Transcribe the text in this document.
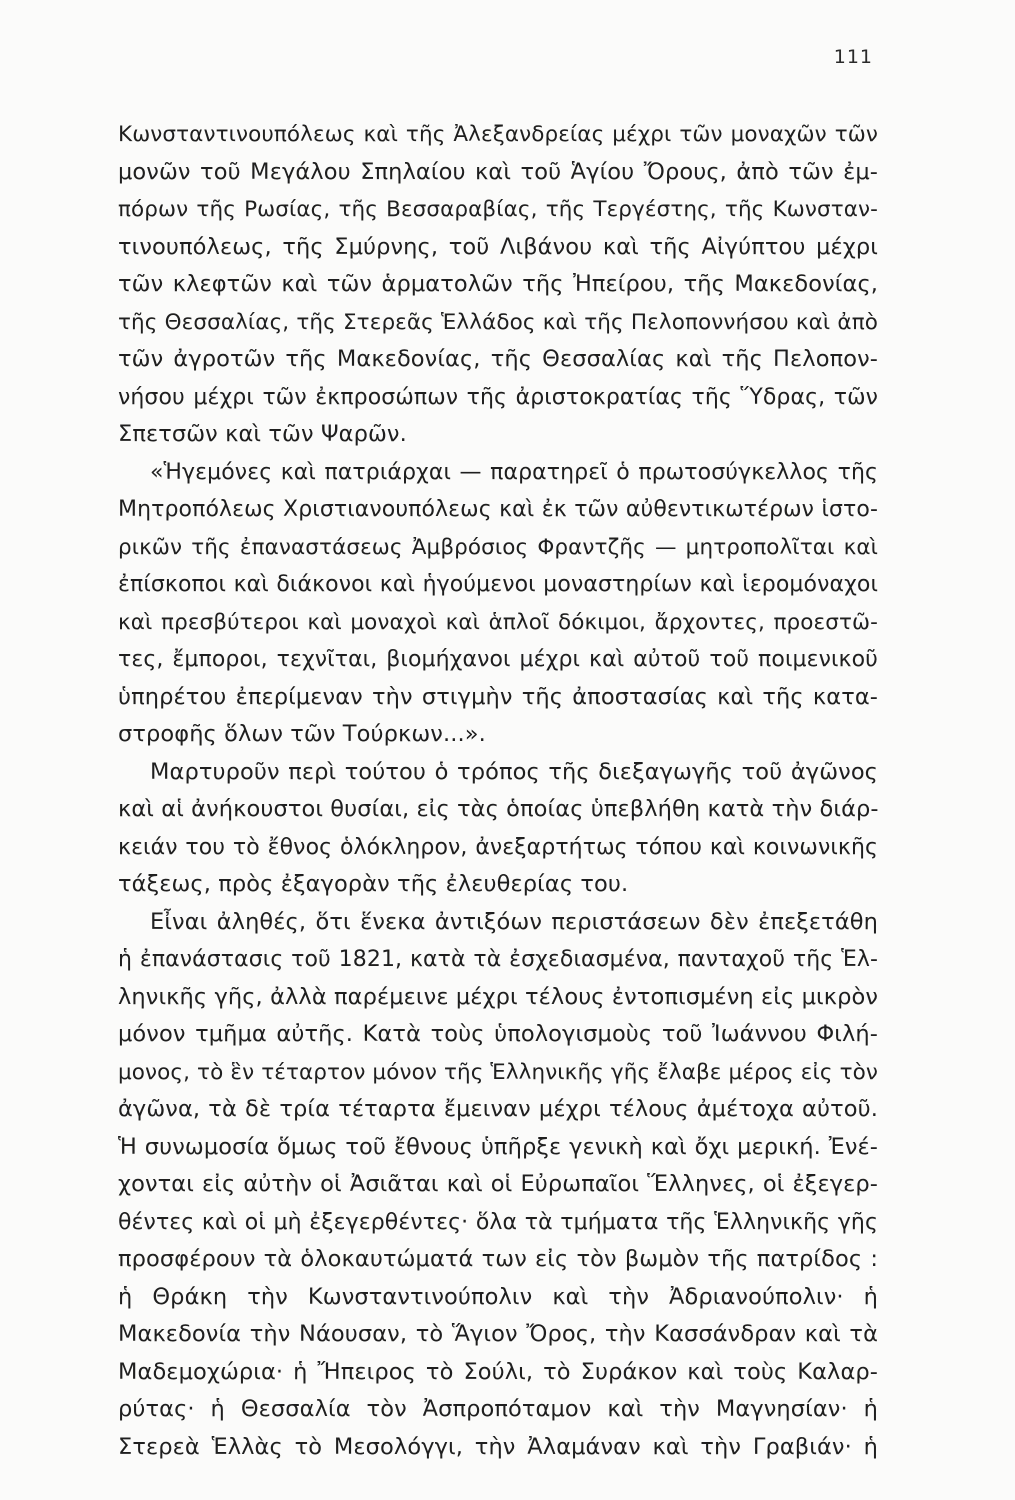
111
Κωνσταντινουπόλεως καὶ τῆς Ἀλεξανδρείας μέχρι τῶν μοναχῶν τῶν
μονῶν τοῦ Μεγάλου Σπηλαίου καὶ τοῦ Ἁγίου Ὄρους, ἀπὸ τῶν ἐμ-
πόρων τῆς Ρωσίας, τῆς Βεσσαραβίας, τῆς Τεργέστης, τῆς Κωνσταν-
τινουπόλεως, τῆς Σμύρνης, τοῦ Λιβάνου καὶ τῆς Αἰγύπτου μέχρι
τῶν κλεφτῶν καὶ τῶν ἁρματολῶν τῆς Ἠπείρου, τῆς Μακεδονίας,
τῆς Θεσσαλίας, τῆς Στερεᾶς Ἑλλάδος καὶ τῆς Πελοποννήσου καὶ ἀπὸ
τῶν ἀγροτῶν τῆς Μακεδονίας, τῆς Θεσσαλίας καὶ τῆς Πελοπον-
νήσου μέχρι τῶν ἐκπροσώπων τῆς ἀριστοκρατίας τῆς Ὕδρας, τῶν
Σπετσῶν καὶ τῶν Ψαρῶν.
«Ἡγεμόνες καὶ πατριάρχαι — παρατηρεῖ ὁ πρωτοσύγκελλος τῆς
Μητροπόλεως Χριστιανουπόλεως καὶ ἐκ τῶν αὐθεντικωτέρων ἱστο-
ρικῶν τῆς ἐπαναστάσεως Ἀμβρόσιος Φραντζῆς — μητροπολῖται καὶ
ἐπίσκοποι καὶ διάκονοι καὶ ἡγούμενοι μοναστηρίων καὶ ἱερομόναχοι
καὶ πρεσβύτεροι καὶ μοναχοὶ καὶ ἁπλοῖ δόκιμοι, ἄρχοντες, προεστῶ-
τες, ἔμποροι, τεχνῖται, βιομήχανοι μέχρι καὶ αὐτοῦ τοῦ ποιμενικοῦ
ὑπηρέτου ἐπερίμεναν τὴν στιγμὴν τῆς ἀποστασίας καὶ τῆς κατα-
στροφῆς ὅλων τῶν Τούρκων...».
Μαρτυροῦν περὶ τούτου ὁ τρόπος τῆς διεξαγωγῆς τοῦ ἀγῶνος
καὶ αἱ ἀνήκουστοι θυσίαι, εἰς τὰς ὁποίας ὑπεβλήθη κατὰ τὴν διάρ-
κειάν του τὸ ἔθνος ὁλόκληρον, ἀνεξαρτήτως τόπου καὶ κοινωνικῆς
τάξεως, πρὸς ἐξαγορὰν τῆς ἐλευθερίας του.
Εἶναι ἀληθές, ὅτι ἕνεκα ἀντιξόων περιστάσεων δὲν ἐπεξετάθη
ἡ ἐπανάστασις τοῦ 1821, κατὰ τὰ ἐσχεδιασμένα, πανταχοῦ τῆς Ἑλ-
ληνικῆς γῆς, ἀλλὰ παρέμεινε μέχρι τέλους ἐντοπισμένη εἰς μικρὸν
μόνον τμῆμα αὐτῆς. Κατὰ τοὺς ὑπολογισμοὺς τοῦ Ἰωάννου Φιλή-
μονος, τὸ ἓν τέταρτον μόνον τῆς Ἑλληνικῆς γῆς ἔλαβε μέρος εἰς τὸν
ἀγῶνα, τὰ δὲ τρία τέταρτα ἔμειναν μέχρι τέλους ἀμέτοχα αὐτοῦ.
Ἡ συνωμοσία ὅμως τοῦ ἔθνους ὑπῆρξε γενικὴ καὶ ὄχι μερική. Ἐνέ-
χονται εἰς αὐτὴν οἱ Ἀσιᾶται καὶ οἱ Εὐρωπαῖοι Ἕλληνες, οἱ ἐξεγερ-
θέντες καὶ οἱ μὴ ἐξεγερθέντες· ὅλα τὰ τμήματα τῆς Ἑλληνικῆς γῆς
προσφέρουν τὰ ὁλοκαυτώματά των εἰς τὸν βωμὸν τῆς πατρίδος :
ἡ Θράκη τὴν Κωνσταντινούπολιν καὶ τὴν Ἀδριανούπολιν· ἡ
Μακεδονία τὴν Νάουσαν, τὸ Ἅγιον Ὄρος, τὴν Κασσάνδραν καὶ τὰ
Μαδεμοχώρια· ἡ Ἤπειρος τὸ Σούλι, τὸ Συράκον καὶ τοὺς Καλαρ-
ρύτας· ἡ Θεσσαλία τὸν Ἀσπροπόταμον καὶ τὴν Μαγνησίαν· ἡ
Στερεὰ Ἑλλὰς τὸ Μεσολόγγι, τὴν Ἀλαμάναν καὶ τὴν Γραβιάν· ἡ
